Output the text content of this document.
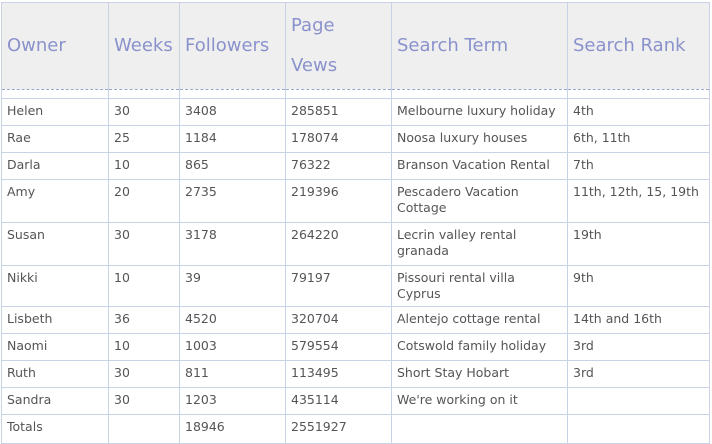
Owner	Weeks	Followers	Page Vews	Search Term	Search Rank

Helen	30	3408	285851	Melbourne luxury holiday	4th
Rae	25	1184	178074	Noosa luxury houses	6th, 11th
Darla	10	865	76322	Branson Vacation Rental	7th
Amy	20	2735	219396	Pescadero Vacation Cottage	11th, 12th, 15, 19th
Susan	30	3178	264220	Lecrin valley rental granada	19th
Nikki	10	39	79197	Pissouri rental villa Cyprus	9th
Lisbeth	36	4520	320704	Alentejo cottage rental	14th and 16th
Naomi	10	1003	579554	Cotswold family holiday	3rd
Ruth	30	811	113495	Short Stay Hobart	3rd
Sandra	30	1203	435114	We're working on it	
Totals		18946	2551927		
